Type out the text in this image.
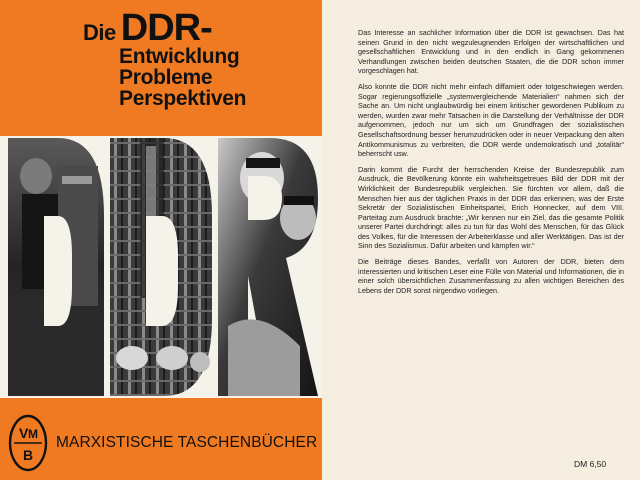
Die DDR-
Entwicklung
Probleme
Perspektiven
V M
B
MARXISTISCHE TASCHENBÜCHER

Das Interesse an sachlicher Information über die DDR ist gewachsen. Das hat seinen Grund in den nicht wegzuleugnenden Erfolgen der wirtschaftlichen und gesellschaftlichen Entwicklung und in den endlich in Gang gekommenen Verhandlungen zwischen beiden deutschen Staaten, die die DDR schon immer vorgeschlagen hat.

Also konnte die DDR nicht mehr einfach diffamiert oder totgeschwiegen werden. Sogar regierungsoffizielle „systemvergleichende Materialien“ nahmen sich der Sache an. Um nicht unglaubwürdig bei einem kritischer gewordenen Publikum zu werden, wurden zwar mehr Tatsachen in die Darstellung der Verhältnisse der DDR aufgenommen, jedoch nur um sich um Grundfragen der sozialistischen Gesellschaftsordnung besser herumzudrücken oder in neuer Verpackung den alten Antikommunismus zu verbreiten, die DDR werde undemokratisch und „totalitär“ beherrscht usw.

Darin kommt die Furcht der herrschenden Kreise der Bundesrepublik zum Ausdruck, die Bevölkerung könnte ein wahrheitsgetreues Bild der DDR mit der Wirklichkeit der Bundesrepublik vergleichen. Sie fürchten vor allem, daß die Menschen hier aus der täglichen Praxis in der DDR das erkennen, was der Erste Sekretär der Sozialistischen Einheitspartei, Erich Honnecker, auf dem VIII. Parteitag zum Ausdruck brachte: „Wir kennen nur ein Ziel, das die gesamte Politik unserer Partei durchdringt: alles zu tun für das Wohl des Menschen, für das Glück des Volkes, für die Interessen der Arbeiterklasse und aller Werktätigen. Das ist der Sinn des Sozialismus. Dafür arbeiten und kämpfen wir.“

Die Beiträge dieses Bandes, verfaßt von Autoren der DDR, bieten dem interessierten und kritischen Leser eine Fülle von Material und Informationen, die in einer solch übersichtlichen Zusammenfassung zu allen wichtigen Bereichen des Lebens der DDR sonst nirgendwo vorliegen.

DM 6,50
